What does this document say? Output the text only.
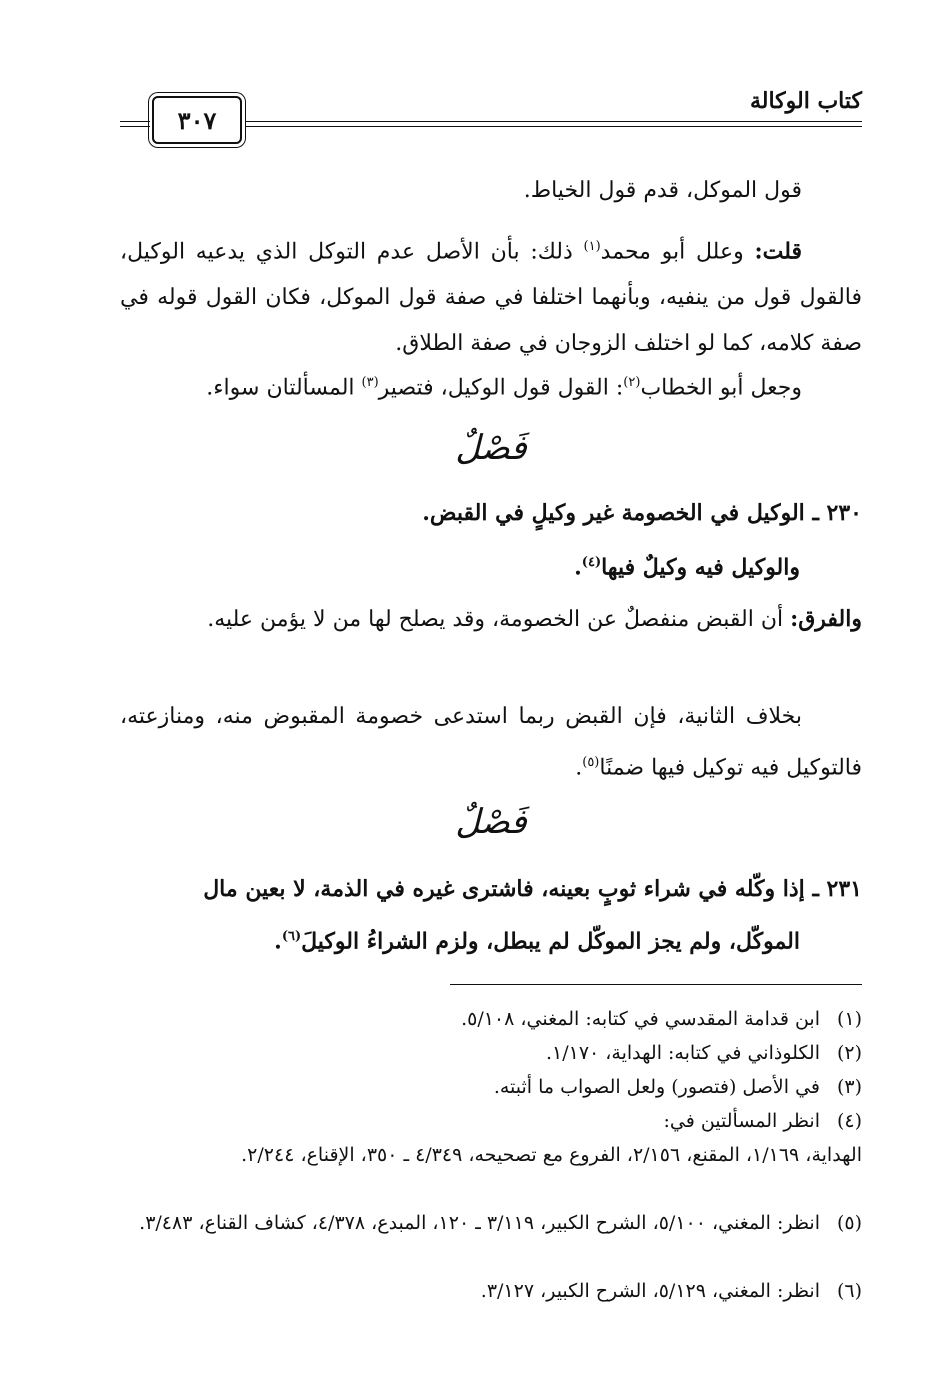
كتاب الوكالة
٣٠٧

قول الموكل، قدم قول الخياط.

قلت: وعلل أبو محمد$^{(١)}$ ذلك: بأن الأصل عدم التوكل الذي يدعيه الوكيل، فالقول قول من ينفيه، وبأنهما اختلفا في صفة قول الموكل، فكان القول قوله في صفة كلامه، كما لو اختلف الزوجان في صفة الطلاق.

وجعل أبو الخطاب$^{(٢)}$: القول قول الوكيل، فتصير$^{(٣)}$ المسألتان سواء.

فَصْلٌ

٢٣٠ ـ الوكيل في الخصومة غير وكيلٍ في القبض.

والوكيل فيه وكيلٌ فيها$^{(٤)}$.

والفرق: أن القبض منفصلٌ عن الخصومة، وقد يصلح لها من لا يؤمن عليه.

بخلاف الثانية، فإن القبض ربما استدعى خصومة المقبوض منه، ومنازعته، فالتوكيل فيه توكيل فيها ضمنًا$^{(٥)}$.

فَصْلٌ

٢٣١ ـ إذا وكّله في شراء ثوبٍ بعينه، فاشترى غيره في الذمة، لا بعين مال

الموكّل، ولم يجز الموكّل لم يبطل، ولزم الشراءُ الوكيلَ$^{(٦)}$.

(١)ابن قدامة المقدسي في كتابه: المغني، ٥/١٠٨.

(٢)الكلوذاني في كتابه: الهداية، ١/١٧٠.

(٣)في الأصل (فتصور) ولعل الصواب ما أثبته.

(٤)انظر المسألتين في:

الهداية، ١/١٦٩، المقنع، ٢/١٥٦، الفروع مع تصحيحه، ٤/٣٤٩ ـ ٣٥٠، الإقناع، ٢/٢٤٤.

(٥)انظر: المغني، ٥/١٠٠، الشرح الكبير، ٣/١١٩ ـ ١٢٠، المبدع، ٤/٣٧٨، كشاف القناع، ٣/٤٨٣.

(٦)انظر: المغني، ٥/١٢٩، الشرح الكبير، ٣/١٢٧.
